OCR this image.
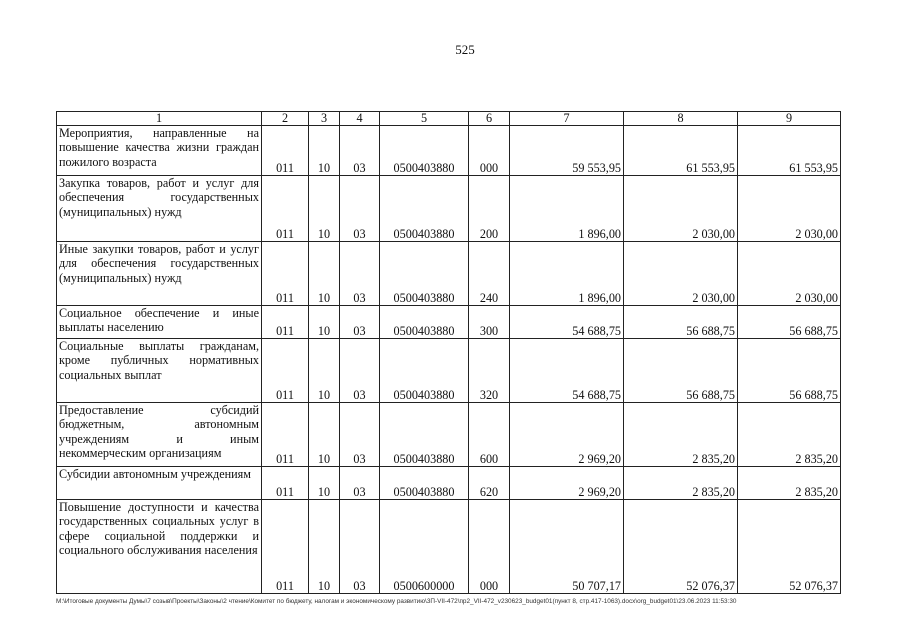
525
1	2	3	4	5	6	7	8	9
Мероприятия, направленные на повышение качества жизни граждан пожилого возраста	011	10	03	0500403880	000	59 553,95	61 553,95	61 553,95
Закупка товаров, работ и услуг для обеспечения государственных (муниципальных) нужд	011	10	03	0500403880	200	1 896,00	2 030,00	2 030,00
Иные закупки товаров, работ и услуг для обеспечения государственных (муниципальных) нужд	011	10	03	0500403880	240	1 896,00	2 030,00	2 030,00
Социальное обеспечение и иные выплаты населению	011	10	03	0500403880	300	54 688,75	56 688,75	56 688,75
Социальные выплаты гражданам, кроме публичных нормативных социальных выплат	011	10	03	0500403880	320	54 688,75	56 688,75	56 688,75
Предоставление субсидий бюджетным, автономным учреждениям и иным некоммерческим организациям	011	10	03	0500403880	600	2 969,20	2 835,20	2 835,20
Субсидии автономным учреждениям	011	10	03	0500403880	620	2 969,20	2 835,20	2 835,20
Повышение доступности и качества государственных социальных услуг в сфере социальной поддержки и социального обслуживания населения	011	10	03	0500600000	000	50 707,17	52 076,37	52 076,37
M:\Итоговые документы Думы\7 созыв\Проекты\Законы\2 чтение\Комитет по бюджету, налогам и экономическому развитию\3П-VII-472\пр2_VII-472_v230623_budget01(пункт 8, стр.417-1063).docx\org_budget01\23.06.2023 11:53:30
